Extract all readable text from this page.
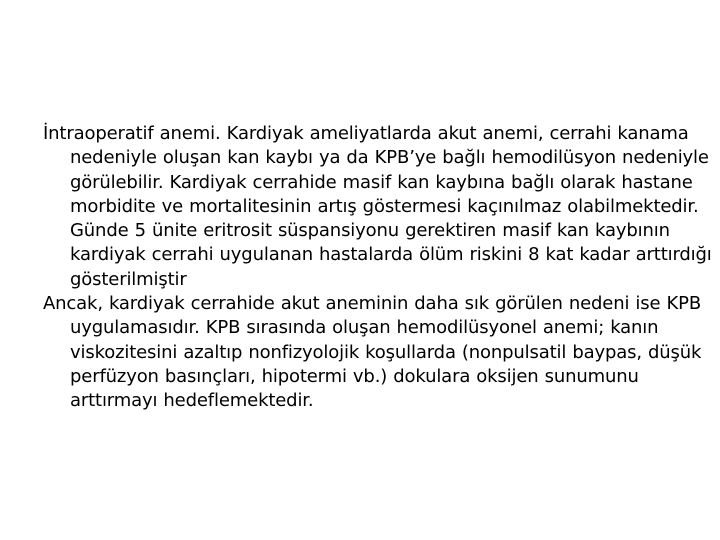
İntraoperatif anemi. Kardiyak ameliyatlarda akut anemi, cerrahi kanama nedeniyle oluşan kan kaybı ya da KPB’ye bağlı hemodilüsyon nedeniyle görülebilir. Kardiyak cerrahide masif kan kaybına bağlı olarak hastane morbidite ve mortalitesinin artış göstermesi kaçınılmaz olabilmektedir. Günde 5 ünite eritrosit süspansiyonu gerektiren masif kan kaybının kardiyak cerrahi uygulanan hastalarda ölüm riskini 8 kat kadar arttırdığı gösterilmiştir

Ancak, kardiyak cerrahide akut aneminin daha sık görülen nedeni ise KPB uygulamasıdır. KPB sırasında oluşan hemodilüsyonel anemi; kanın viskozitesini azaltıp nonfizyolojik koşullarda (nonpulsatil baypas, düşük perfüzyon basınçları, hipotermi vb.) dokulara oksijen sunumunu arttırmayı hedeflemektedir.
